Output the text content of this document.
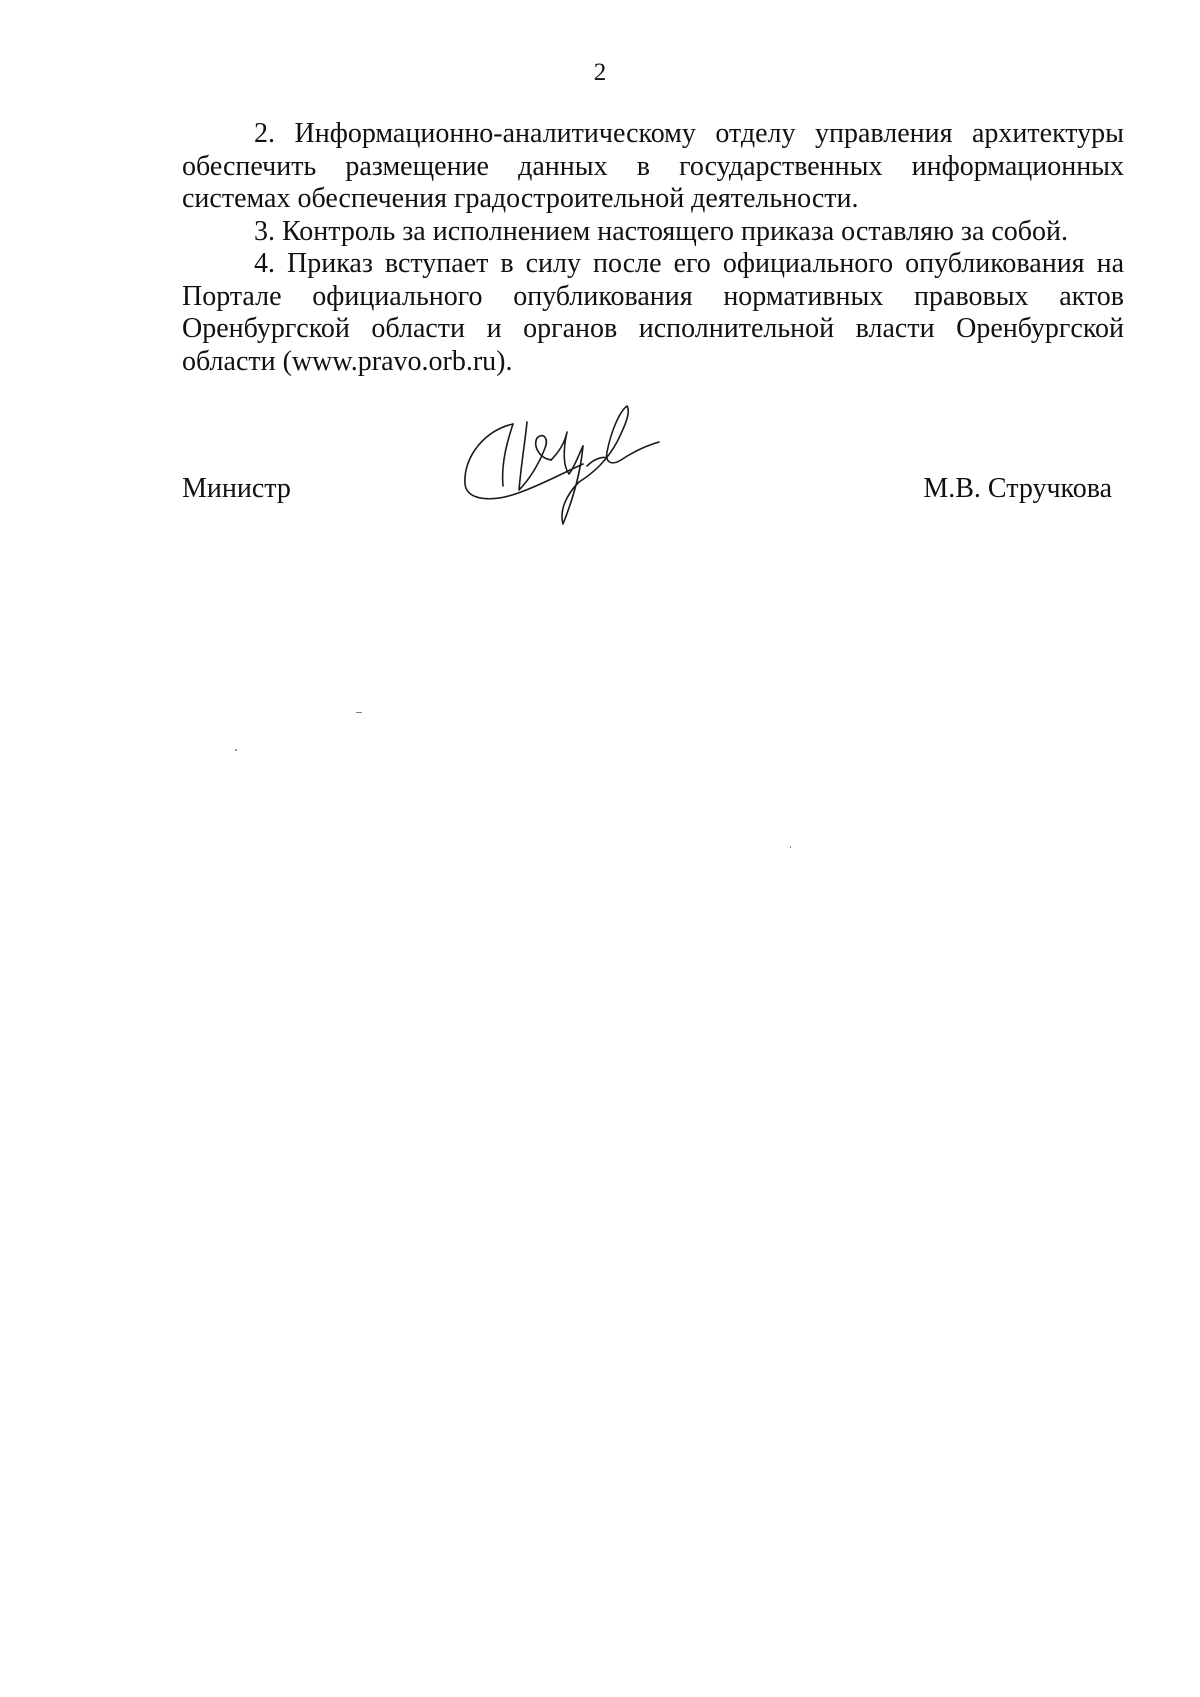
2

2. Информационно-аналитическому отделу управления архитектуры обеспечить размещение данных в государственных информационных системах обеспечения градостроительной деятельности.

3. Контроль за исполнением настоящего приказа оставляю за собой.

4. Приказ вступает в силу после его официального опубликования на Портале официального опубликования нормативных правовых актов Оренбургской области и органов исполнительной власти Оренбургской области (www.pravo.orb.ru).

Министр	М.В. Стручкова
